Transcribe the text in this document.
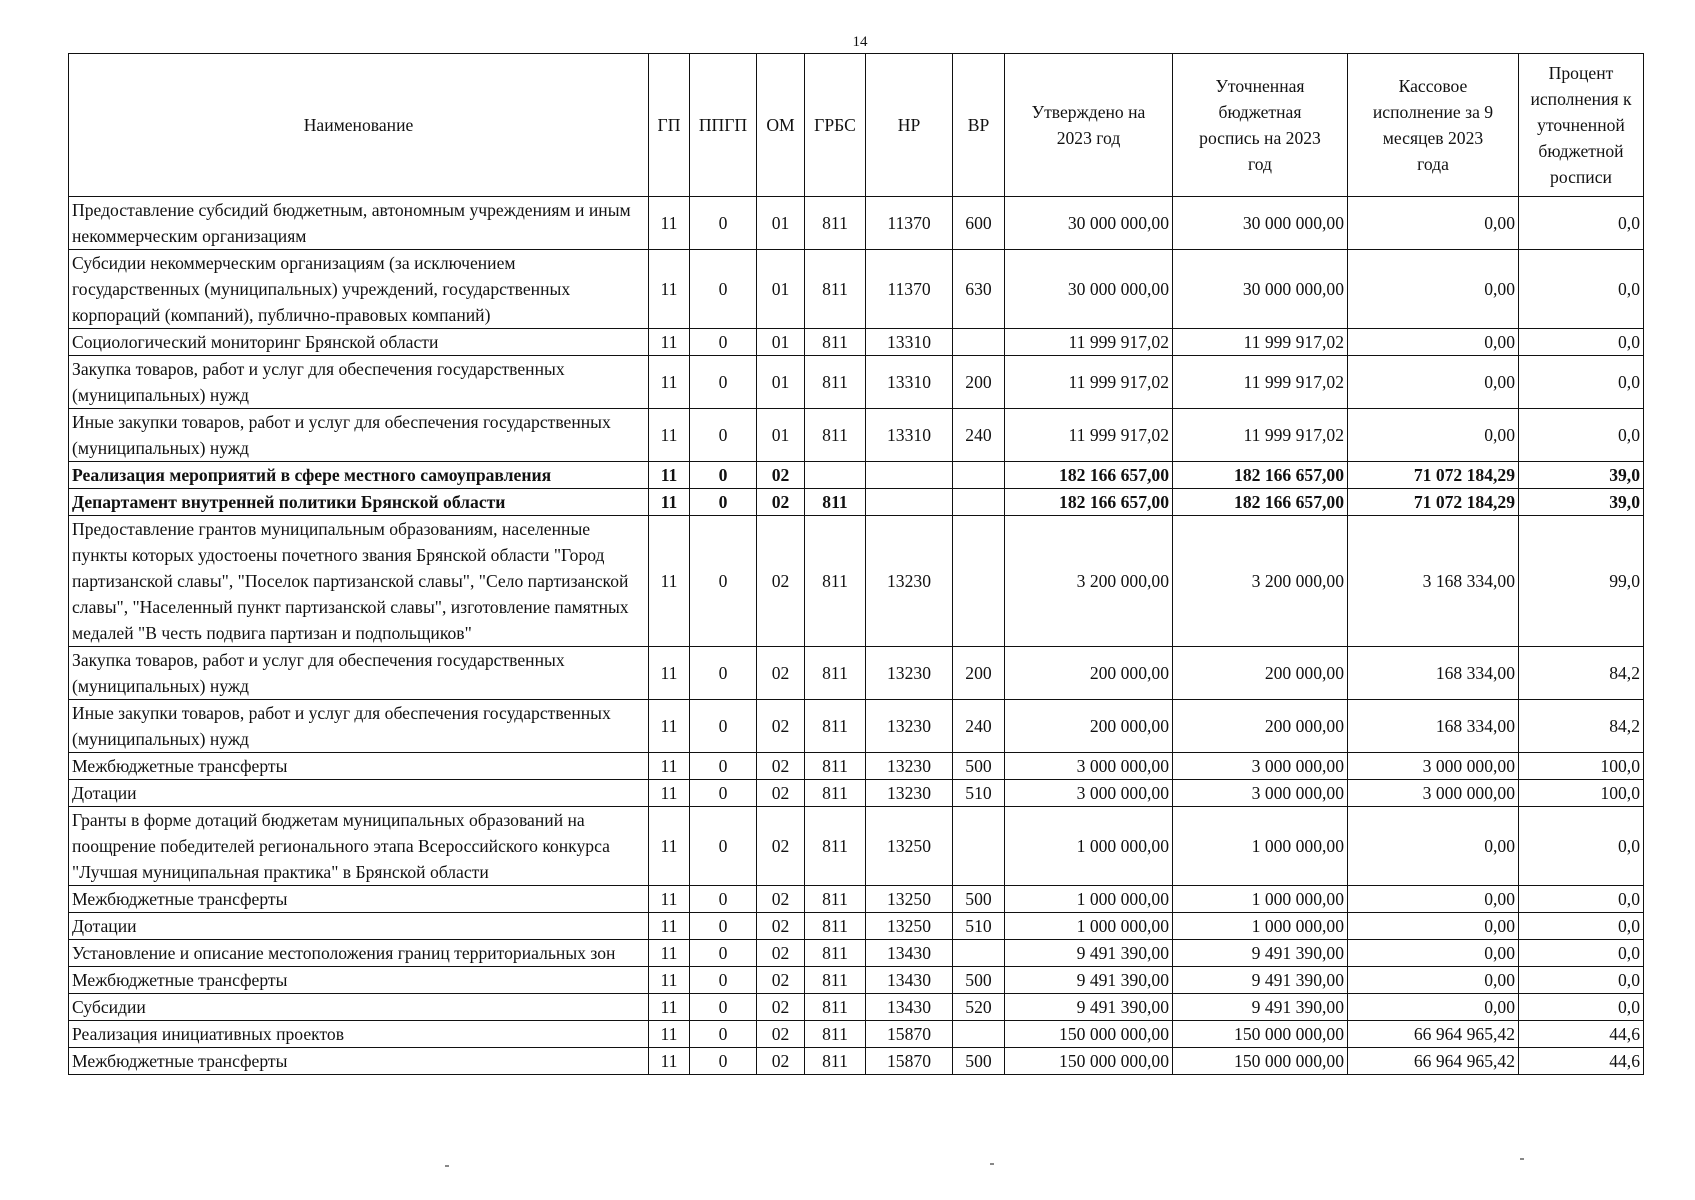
14
Наименование	ГП	ППГП	ОМ	ГРБС	НР	ВР	Утверждено на 2023 год	Уточненная бюджетная роспись на 2023 год	Кассовое исполнение за 9 месяцев 2023 года	Процент исполнения к уточненной бюджетной росписи
Предоставление субсидий бюджетным, автономным учреждениям и иным некоммерческим организациям	11	0	01	811	11370	600	30 000 000,00	30 000 000,00	0,00	0,0
Субсидии некоммерческим организациям (за исключением государственных (муниципальных) учреждений, государственных корпораций (компаний), публично-правовых компаний)	11	0	01	811	11370	630	30 000 000,00	30 000 000,00	0,00	0,0
Социологический мониторинг Брянской области	11	0	01	811	13310		11 999 917,02	11 999 917,02	0,00	0,0
Закупка товаров, работ и услуг для обеспечения государственных (муниципальных) нужд	11	0	01	811	13310	200	11 999 917,02	11 999 917,02	0,00	0,0
Иные закупки товаров, работ и услуг для обеспечения государственных (муниципальных) нужд	11	0	01	811	13310	240	11 999 917,02	11 999 917,02	0,00	0,0
Реализация мероприятий в сфере местного самоуправления	11	0	02				182 166 657,00	182 166 657,00	71 072 184,29	39,0
Департамент внутренней политики Брянской области	11	0	02	811			182 166 657,00	182 166 657,00	71 072 184,29	39,0
Предоставление грантов муниципальным образованиям, населенные пункты которых удостоены почетного звания Брянской области "Город партизанской славы", "Поселок партизанской славы", "Село партизанской славы", "Населенный пункт партизанской славы", изготовление памятных медалей "В честь подвига партизан и подпольщиков"	11	0	02	811	13230		3 200 000,00	3 200 000,00	3 168 334,00	99,0
Закупка товаров, работ и услуг для обеспечения государственных (муниципальных) нужд	11	0	02	811	13230	200	200 000,00	200 000,00	168 334,00	84,2
Иные закупки товаров, работ и услуг для обеспечения государственных (муниципальных) нужд	11	0	02	811	13230	240	200 000,00	200 000,00	168 334,00	84,2
Межбюджетные трансферты	11	0	02	811	13230	500	3 000 000,00	3 000 000,00	3 000 000,00	100,0
Дотации	11	0	02	811	13230	510	3 000 000,00	3 000 000,00	3 000 000,00	100,0
Гранты в форме дотаций бюджетам муниципальных образований на поощрение победителей регионального этапа Всероссийского конкурса "Лучшая муниципальная практика" в Брянской области	11	0	02	811	13250		1 000 000,00	1 000 000,00	0,00	0,0
Межбюджетные трансферты	11	0	02	811	13250	500	1 000 000,00	1 000 000,00	0,00	0,0
Дотации	11	0	02	811	13250	510	1 000 000,00	1 000 000,00	0,00	0,0
Установление и описание местоположения границ территориальных зон	11	0	02	811	13430		9 491 390,00	9 491 390,00	0,00	0,0
Межбюджетные трансферты	11	0	02	811	13430	500	9 491 390,00	9 491 390,00	0,00	0,0
Субсидии	11	0	02	811	13430	520	9 491 390,00	9 491 390,00	0,00	0,0
Реализация инициативных проектов	11	0	02	811	15870		150 000 000,00	150 000 000,00	66 964 965,42	44,6
Межбюджетные трансферты	11	0	02	811	15870	500	150 000 000,00	150 000 000,00	66 964 965,42	44,6
